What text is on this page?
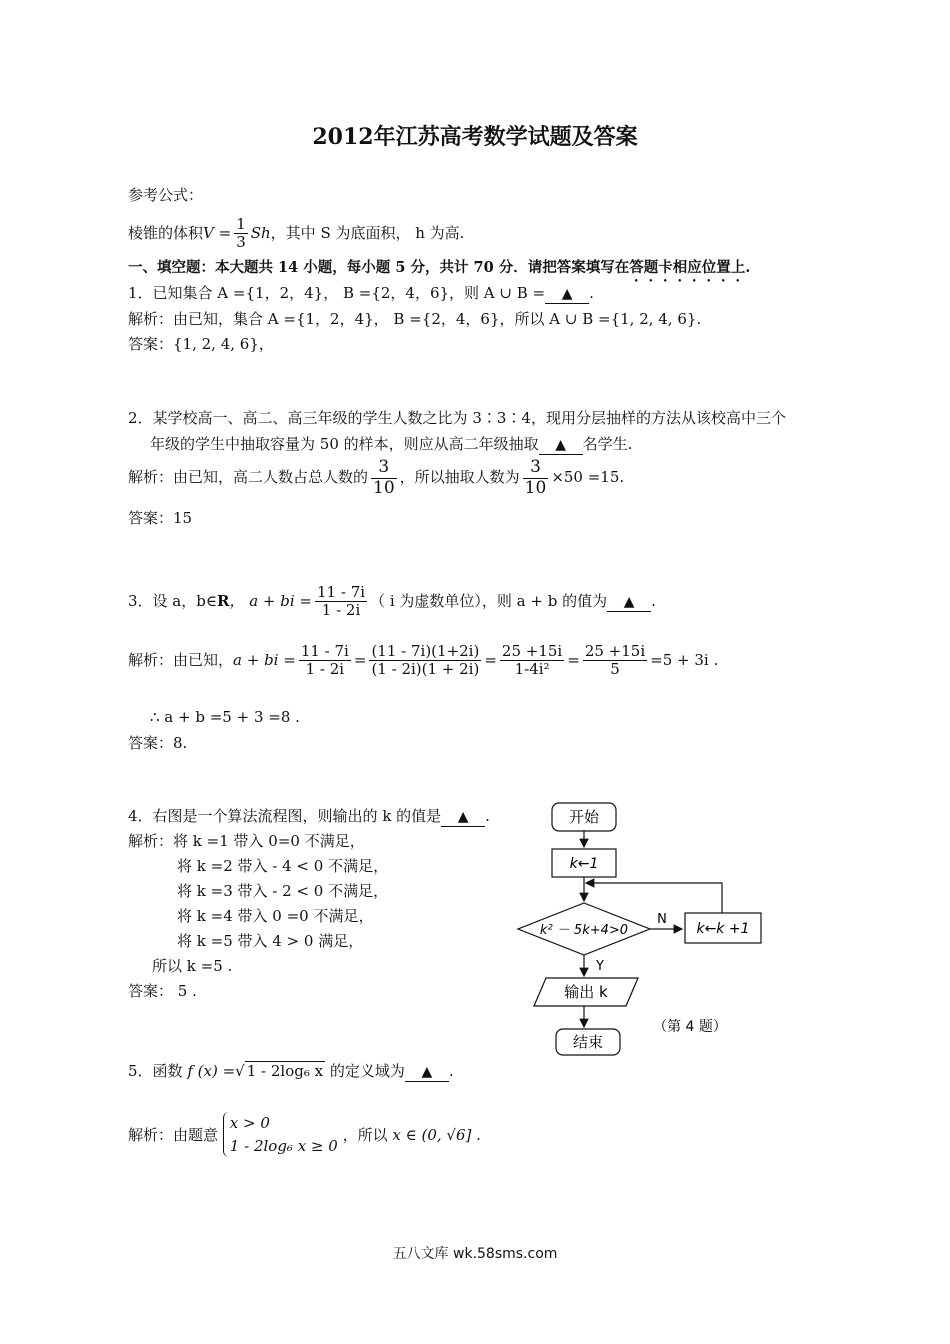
2012年江苏高考数学试题及答案
参考公式：
棱锥的体积$V = \frac{1}{3}$ Sh，其中 S 为底面积， h 为高.
一、填空题：本大题共 14 小题，每小题 5 分，共计 70 分．请把答案填写在答题卡相应位置上.
1．已知集合 A ={1，2，4}， B ={2，4，6}，则 A ∪ B = ▲ .
解析：由已知，集合 A ={1，2，4}， B ={2，4，6}，所以 A ∪ B ={1, 2, 4, 6}.
答案：{1, 2, 4, 6}，
2．某学校高一、高二、高三年级的学生人数之比为 3∶3∶4，现用分层抽样的方法从该校高中三个
年级的学生中抽取容量为 50 的样本，则应从高二年级抽取 ▲ 名学生.
解析：由已知，高二人数占总人数的 $\frac{3}{10}$ ，所以抽取人数为 $\frac{3}{10} \times 50 =15$.
答案：15
3．设 a，b∈R， a + bi = $\frac{11 - 7i}{1 - 2i}$ （ i 为虚数单位），则 a + b 的值为 ▲ .
解析：由已知，a + bi = $\frac{11 - 7i}{1 - 2i} = \frac{(11 - 7i)(1+2i)}{(1 - 2i)(1 + 2i)} = \frac{25 +15i}{\text{1-4i²}} = \frac{25 +15i}{5} =5 + 3i$ .
∴ a + b =5 + 3 =8 .
答案：8.
4．右图是一个算法流程图，则输出的 k 的值是 ▲ .
解析：将 k =1 带入 0=0 不满足，
将 k =2 带入 - 4 < 0 不满足，
将 k =3 带入 - 2 < 0 不满足，
将 k =4 带入 0 =0 不满足，
将 k =5 带入 4 > 0 满足，
所以 k =5 .
答案： 5 .
开始
k←1
k² － 5k+4>0
N
k←k +1
Y
输出 k
结束
（第 4 题）
5．函数 f (x) =√ 1 - 2log₆ x 的定义域为 ▲ .
解析：由题意
x > 0
1 - 2log₆ x ≥ 0
，所以 x ∈ (0, √6] .
五八文库 wk.58sms.com
